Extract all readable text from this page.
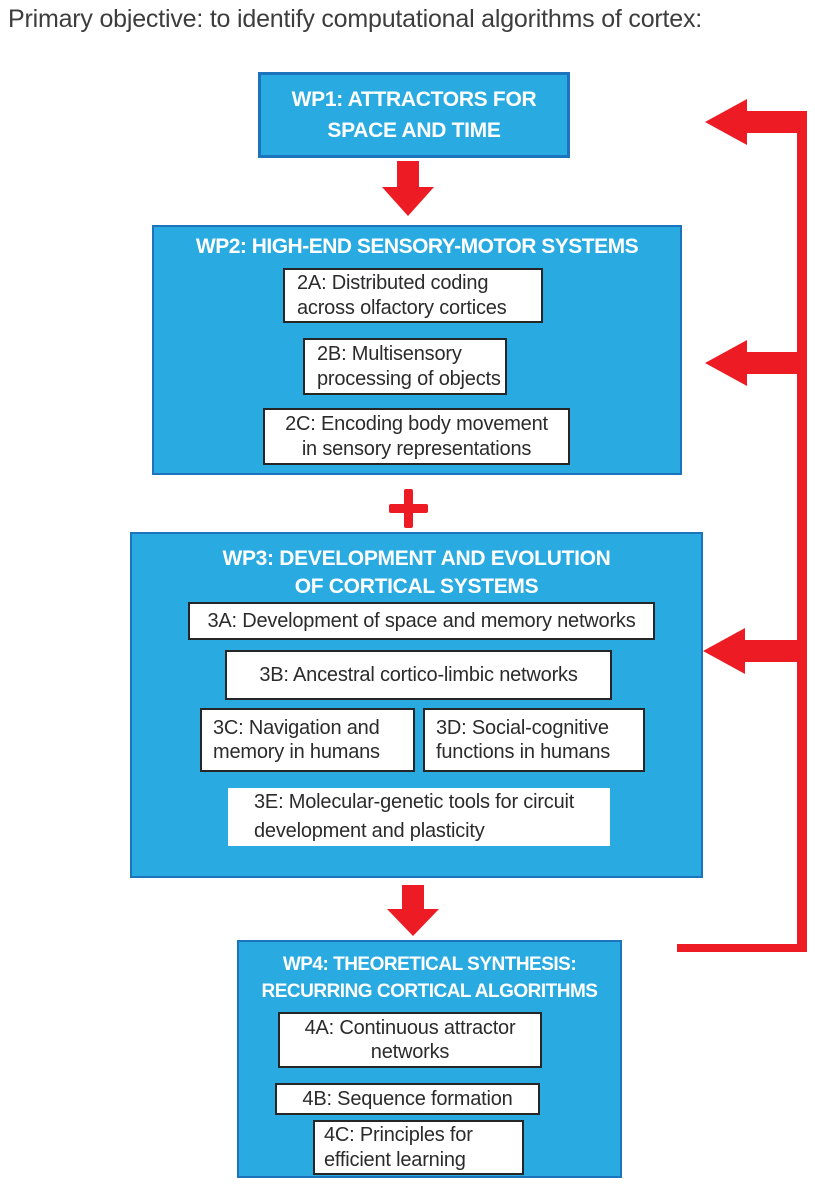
Primary objective: to identify computational algorithms of cortex:
WP1: ATTRACTORS FOR
SPACE AND TIME
WP2: HIGH-END SENSORY-MOTOR SYSTEMS
2A: Distributed coding
across olfactory cortices
2B: Multisensory
processing of objects
2C: Encoding body movement
in sensory representations
WP3: DEVELOPMENT AND EVOLUTION
OF CORTICAL SYSTEMS
3A: Development of space and memory networks
3B: Ancestral cortico-limbic networks
3C: Navigation and
memory in humans
3D: Social-cognitive
functions in humans
3E: Molecular-genetic tools for circuit
development and plasticity
WP4: THEORETICAL SYNTHESIS:
RECURRING CORTICAL ALGORITHMS
4A: Continuous attractor
networks
4B: Sequence formation
4C: Principles for
efficient learning
